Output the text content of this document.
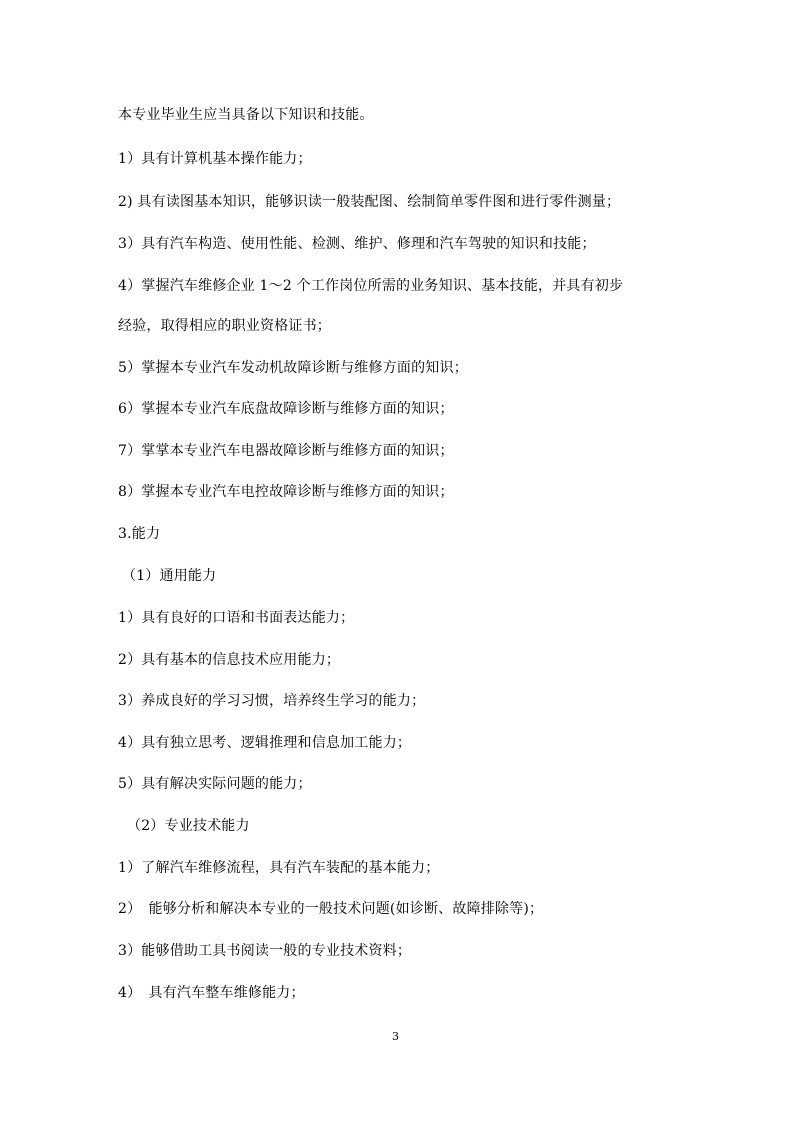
本专业毕业生应当具备以下知识和技能。
1）具有计算机基本操作能力；
2) 具有读图基本知识，能够识读一般装配图、绘制简单零件图和进行零件测量；
3）具有汽车构造、使用性能、检测、维护、修理和汽车驾驶的知识和技能；
4）掌握汽车维修企业 1～2 个工作岗位所需的业务知识、基本技能，并具有初步
经验，取得相应的职业资格证书；
5）掌握本专业汽车发动机故障诊断与维修方面的知识；
6）掌握本专业汽车底盘故障诊断与维修方面的知识；
7）掌掌本专业汽车电器故障诊断与维修方面的知识；
8）掌握本专业汽车电控故障诊断与维修方面的知识；
3.能力
（1）通用能力
1）具有良好的口语和书面表达能力；
2）具有基本的信息技术应用能力；
3）养成良好的学习习惯，培养终生学习的能力；
4）具有独立思考、逻辑推理和信息加工能力；
5）具有解决实际问题的能力；
（2）专业技术能力
1）了解汽车维修流程，具有汽车装配的基本能力；
2）　能够分析和解决本专业的一般技术问题(如诊断、故障排除等)；
3）能够借助工具书阅读一般的专业技术资料；
4）　具有汽车整车维修能力；
3
